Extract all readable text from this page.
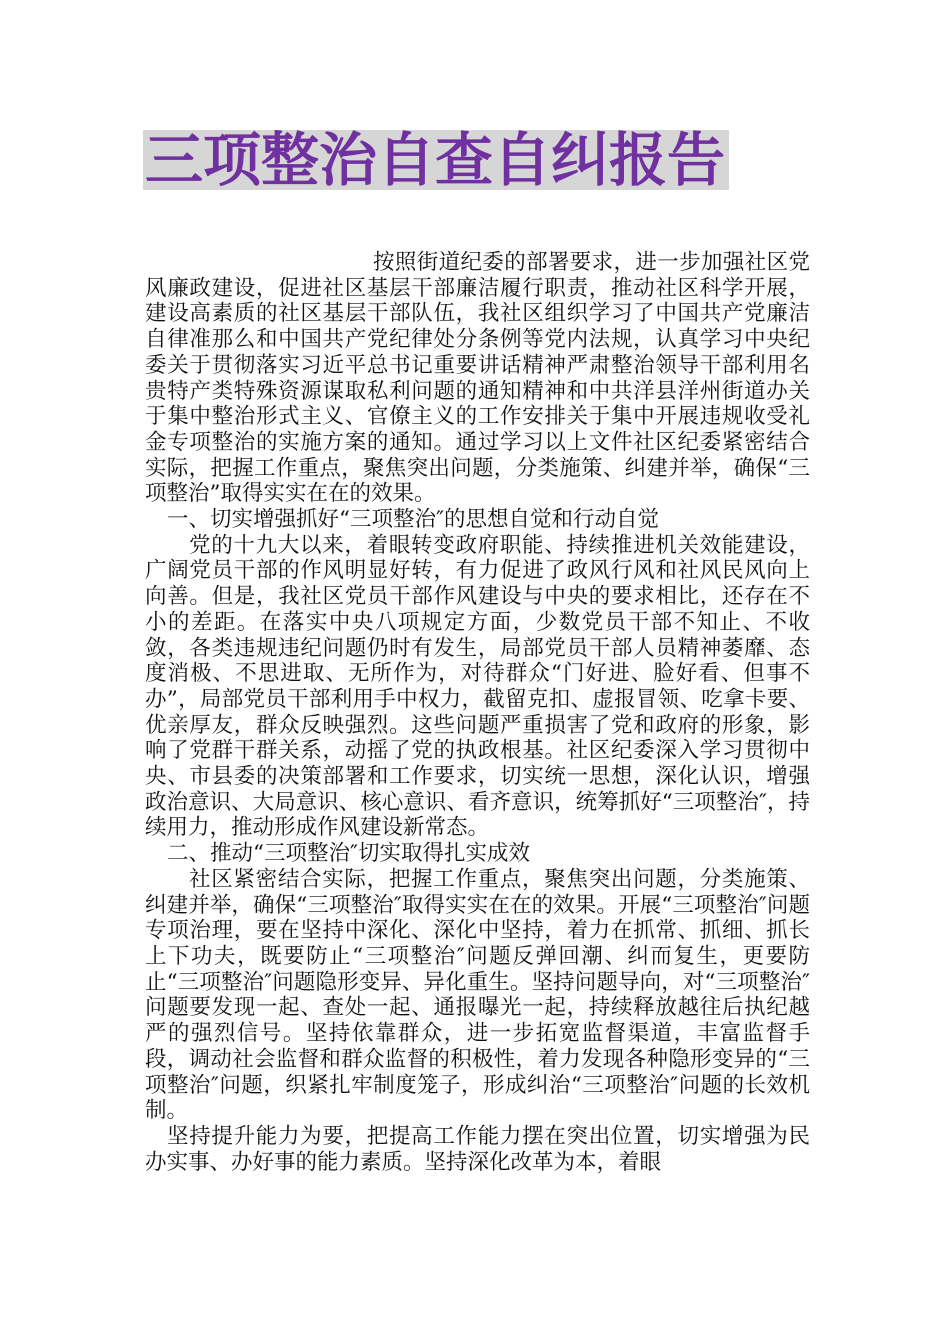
三项整治自查自纠报告

按照街道纪委的部署要求，进一步加强社区党风廉政建设，促进社区基层干部廉洁履行职责，推动社区科学开展，建设高素质的社区基层干部队伍，我社区组织学习了中国共产党廉洁自律准那么和中国共产党纪律处分条例等党内法规，认真学习中央纪委关于贯彻落实习近平总书记重要讲话精神严肃整治领导干部利用名贵特产类特殊资源谋取私利问题的通知精神和中共洋县洋州街道办关于集中整治形式主义、官僚主义的工作安排关于集中开展违规收受礼金专项整治的实施方案的通知。通过学习以上文件社区纪委紧密结合实际，把握工作重点，聚焦突出问题，分类施策、纠建并举，确保“三项整治”取得实实在在的效果。

一、切实增强抓好“三项整治″的思想自觉和行动自觉

党的十九大以来，着眼转变政府职能、持续推进机关效能建设，广阔党员干部的作风明显好转，有力促进了政风行风和社风民风向上向善。但是，我社区党员干部作风建设与中央的要求相比，还存在不小的差距。在落实中央八项规定方面，少数党员干部不知止、不收敛，各类违规违纪问题仍时有发生，局部党员干部人员精神萎靡、态度消极、不思进取、无所作为，对待群众“门好进、脸好看、但事不办”，局部党员干部利用手中权力，截留克扣、虚报冒领、吃拿卡要、优亲厚友，群众反映强烈。这些问题严重损害了党和政府的形象，影响了党群干群关系，动摇了党的执政根基。社区纪委深入学习贯彻中央、市县委的决策部署和工作要求，切实统一思想，深化认识，增强政治意识、大局意识、核心意识、看齐意识，统筹抓好“三项整治″，持续用力，推动形成作风建设新常态。

二、推动“三项整治″切实取得扎实成效

社区紧密结合实际，把握工作重点，聚焦突出问题，分类施策、纠建并举，确保“三项整治″取得实实在在的效果。开展“三项整治″问题专项治理，要在坚持中深化、深化中坚持，着力在抓常、抓细、抓长上下功夫，既要防止“三项整治″问题反弹回潮、纠而复生，更要防止“三项整治″问题隐形变异、异化重生。坚持问题导向，对“三项整治″问题要发现一起、查处一起、通报曝光一起，持续释放越往后执纪越严的强烈信号。坚持依靠群众，进一步拓宽监督渠道，丰富监督手段，调动社会监督和群众监督的积极性，着力发现各种隐形变异的“三项整治″问题，织紧扎牢制度笼子，形成纠治“三项整治″问题的长效机制。

坚持提升能力为要，把提高工作能力摆在突出位置，切实增强为民办实事、办好事的能力素质。坚持深化改革为本，着眼
